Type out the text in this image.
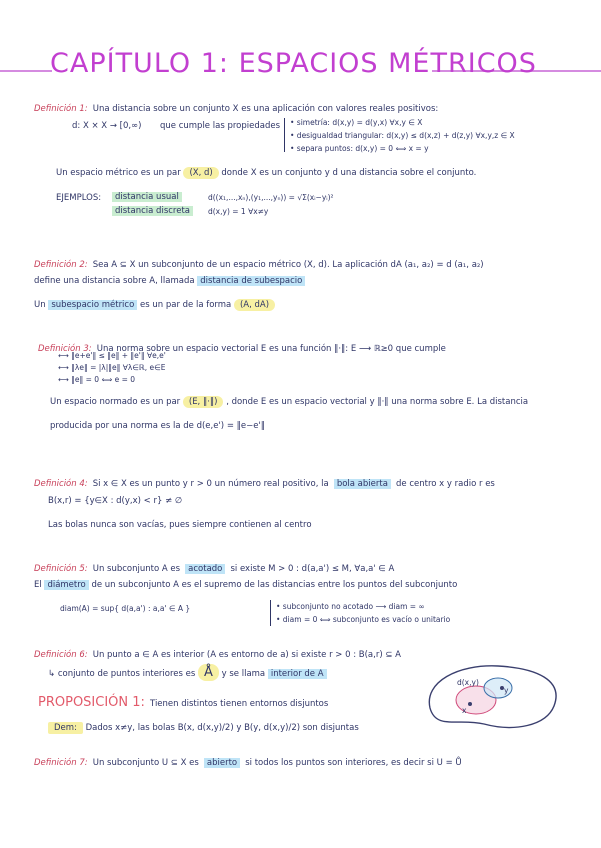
CAPÍTULO 1: ESPACIOS MÉTRICOS
Definición 1: Una distancia sobre un conjunto X es una aplicación con valores reales positivos:
d: X × X → [0,∞) que cumple las propiedades • simetría: d(x,y) = d(y,x) ∀x,y ∈ X
• desigualdad triangular: d(x,y) ≤ d(x,z) + d(z,y) ∀x,y,z ∈ X
• separa puntos: d(x,y) = 0 ⟺ x = y
Un espacio métrico es un par (X, d) donde X es un conjunto y d una distancia sobre el conjunto.
EJEMPLOS:	distancia usual	d((x₁,...,xₙ),(y₁,...,yₙ)) = √Σ(xᵢ−yᵢ)²
distancia discreta	d(x,y) = 1 ∀x≠y
Definición 2: Sea A ⊆ X un subconjunto de un espacio métrico (X, d). La aplicación dA (a₁, a₂) = d (a₁, a₂)
define una distancia sobre A, llamada distancia de subespacio
Un subespacio métrico es un par de la forma (A, dA)
Definición 3: Una norma sobre un espacio vectorial E es una función ‖·‖: E ⟶ ℝ≥0 que cumple
⟷ ‖e+e'‖ ≤ ‖e‖ + ‖e'‖ ∀e,e'
⟷ ‖λe‖ = |λ|‖e‖ ∀λ∈ℝ, e∈E
⟷ ‖e‖ = 0 ⟺ e = 0
Un espacio normado es un par (E, ‖·‖) , donde E es un espacio vectorial y ‖·‖ una norma sobre E. La distancia
producida por una norma es la de d(e,e') = ‖e−e'‖
Definición 4: Si x ∈ X es un punto y r > 0 un número real positivo, la bola abierta de centro x y radio r es
B(x,r) = {y∈X : d(y,x) < r} ≠ ∅
Las bolas nunca son vacías, pues siempre contienen al centro
Definición 5: Un subconjunto A es acotado si existe M > 0 : d(a,a') ≤ M, ∀a,a' ∈ A
El diámetro de un subconjunto A es el supremo de las distancias entre los puntos del subconjunto
diam(A) = sup{ d(a,a') : a,a' ∈ A }	• subconjunto no acotado ⟶ diam = ∞
• diam = 0 ⟺ subconjunto es vacío o unitario
Definición 6: Un punto a ∈ A es interior (A es entorno de a) si existe r > 0 : B(a,r) ⊆ A
↳ conjunto de puntos interiores es Å y se llama interior de A
d(x,y)
x
y
PROPOSICIÓN 1: Tienen distintos tienen entornos disjuntos
Dem: Dados x≠y, las bolas B(x, d(x,y)/2) y B(y, d(x,y)/2) son disjuntas
Definición 7: Un subconjunto U ⊆ X es abierto si todos los puntos son interiores, es decir si U = Ů
